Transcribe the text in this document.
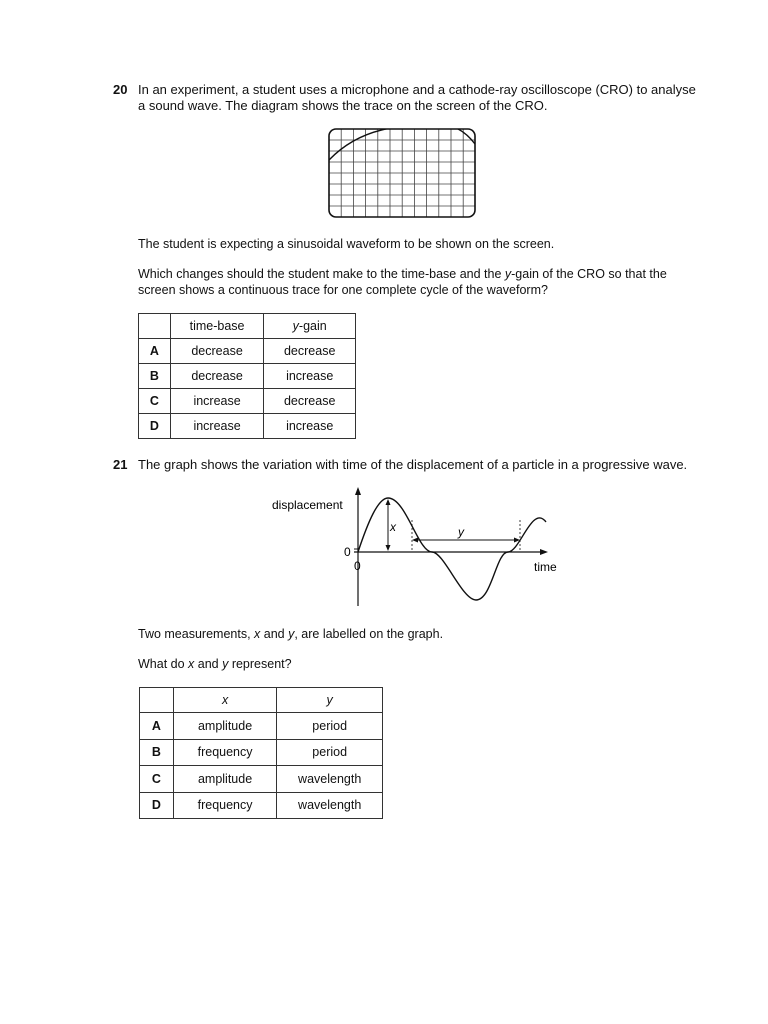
20 In an experiment, a student uses a microphone and a cathode-ray oscilloscope (CRO) to analyse
a sound wave. The diagram shows the trace on the screen of the CRO.
The student is expecting a sinusoidal waveform to be shown on the screen.
Which changes should the student make to the time-base and the y-gain of the CRO so that the
screen shows a continuous trace for one complete cycle of the waveform?
	time-base	y-gain
A	decrease	decrease
B	decrease	increase
C	increase	decrease
D	increase	increase
21 The graph shows the variation with time of the displacement of a particle in a progressive wave.
x	y
displacement
0
0	time
Two measurements, x and y, are labelled on the graph.
What do x and y represent?
	x	y
A	amplitude	period
B	frequency	period
C	amplitude	wavelength
D	frequency	wavelength
